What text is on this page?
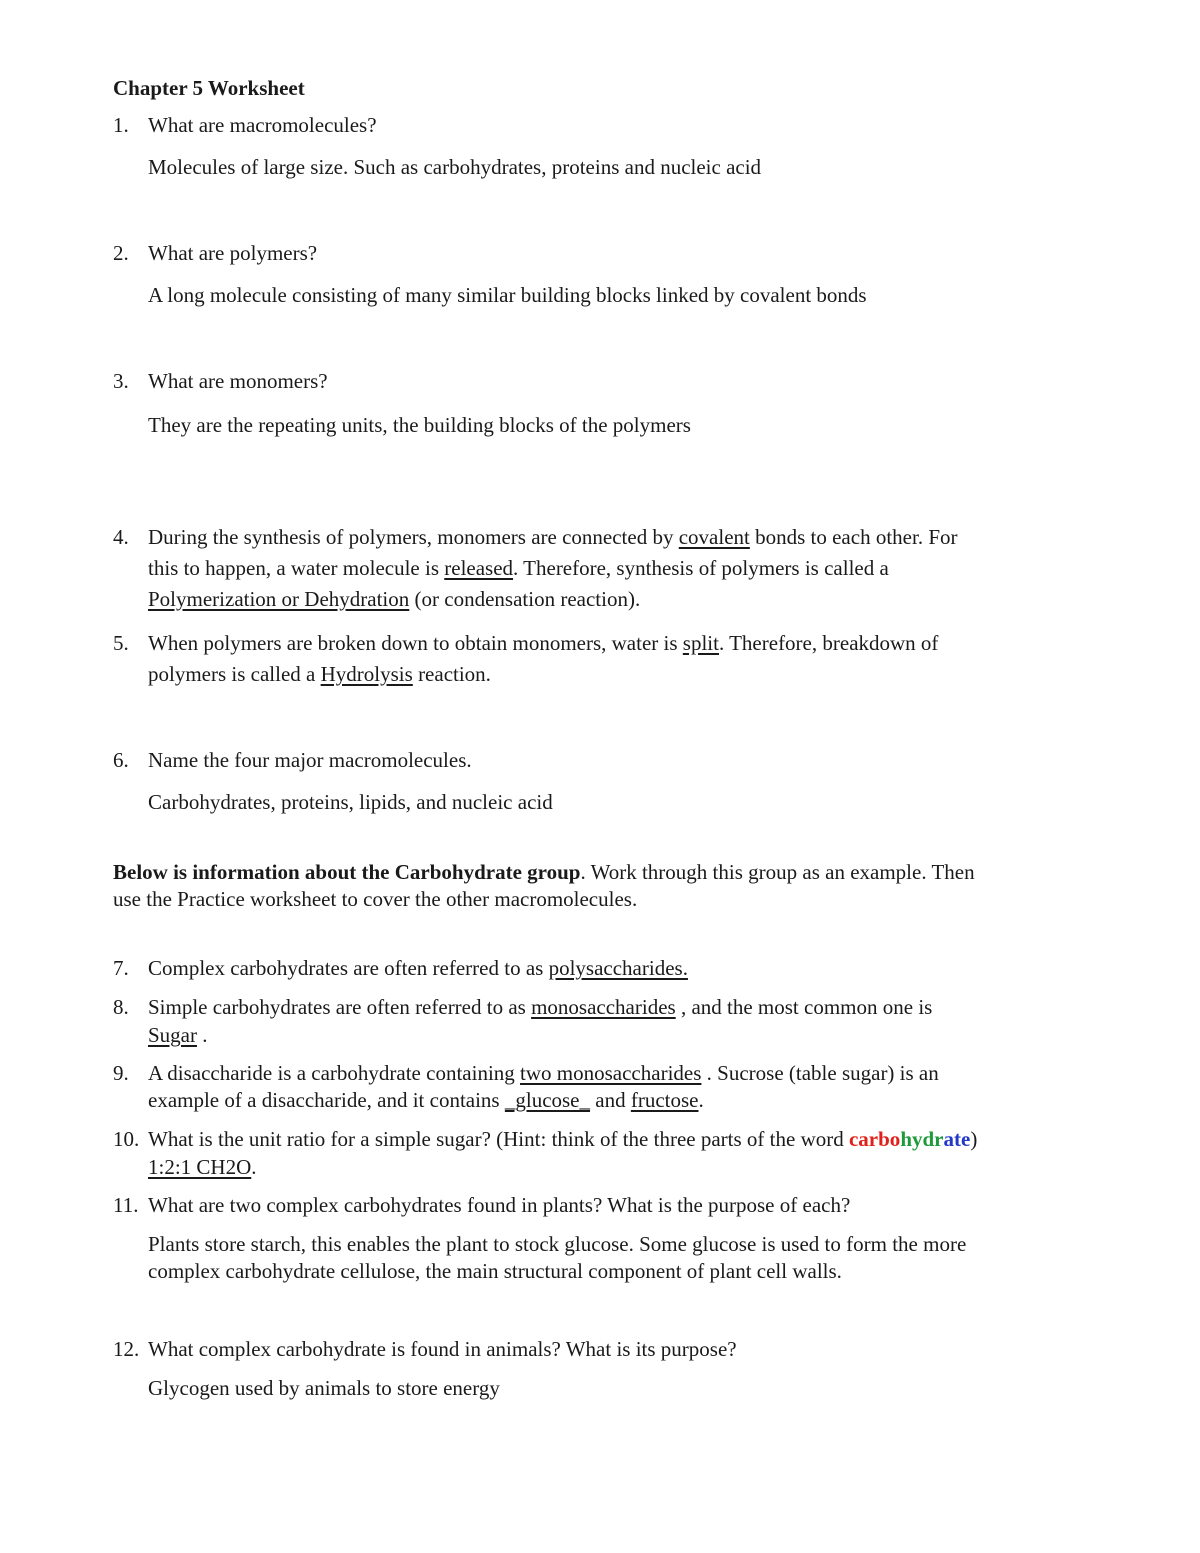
Chapter 5 Worksheet
1. What are macromolecules?
Molecules of large size. Such as carbohydrates, proteins and nucleic acid
2. What are polymers?
A long molecule consisting of many similar building blocks linked by covalent bonds
3. What are monomers?
They are the repeating units, the building blocks of the polymers
4. During the synthesis of polymers, monomers are connected by covalent bonds to each other. For
this to happen, a water molecule is released. Therefore, synthesis of polymers is called a
Polymerization or Dehydration (or condensation reaction).
5. When polymers are broken down to obtain monomers, water is split. Therefore, breakdown of
polymers is called a Hydrolysis reaction.
6. Name the four major macromolecules.
Carbohydrates, proteins, lipids, and nucleic acid
Below is information about the Carbohydrate group. Work through this group as an example. Then
use the Practice worksheet to cover the other macromolecules.
7. Complex carbohydrates are often referred to as polysaccharides.
8. Simple carbohydrates are often referred to as monosaccharides , and the most common one is
Sugar .
9. A disaccharide is a carbohydrate containing two monosaccharides . Sucrose (table sugar) is an
example of a disaccharide, and it contains _glucose_ and fructose.
10. What is the unit ratio for a simple sugar? (Hint: think of the three parts of the word carbohydrate)
1:2:1 CH2O.
11. What are two complex carbohydrates found in plants? What is the purpose of each?
Plants store starch, this enables the plant to stock glucose. Some glucose is used to form the more
complex carbohydrate cellulose, the main structural component of plant cell walls.
12. What complex carbohydrate is found in animals? What is its purpose?
Glycogen used by animals to store energy
